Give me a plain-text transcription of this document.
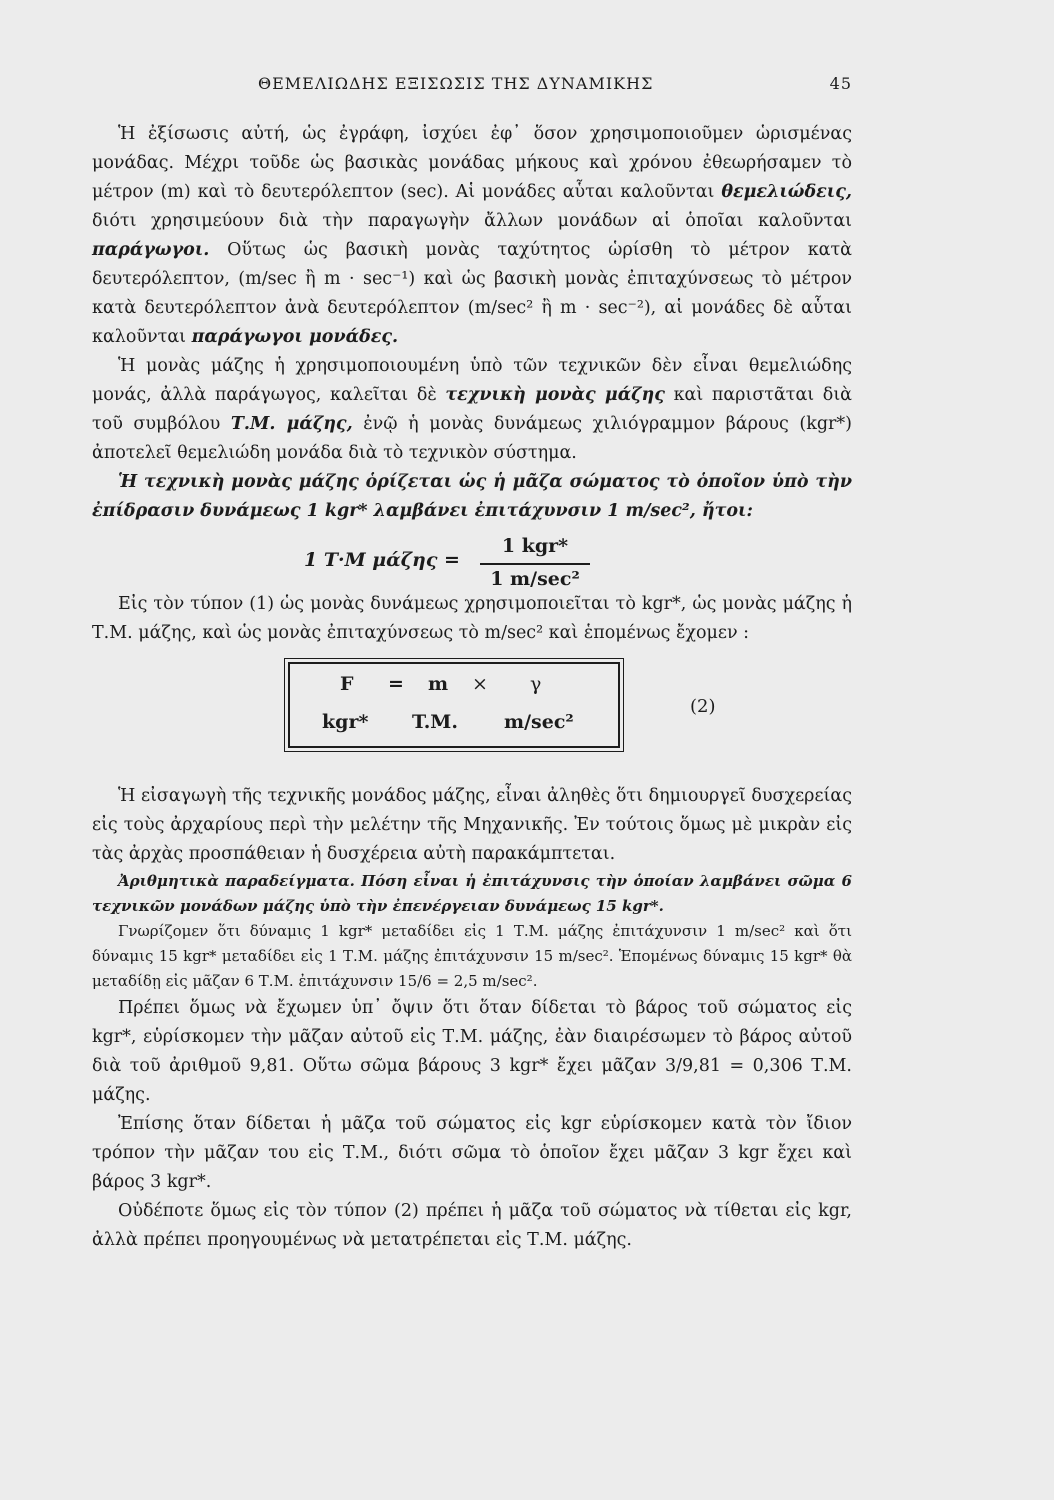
ΘΕΜΕΛΙΩΔΗΣ ΕΞΙΣΩΣΙΣ ΤΗΣ ΔΥΝΑΜΙΚΗΣ	45

Ἡ ἐξίσωσις αὐτή, ὡς ἐγράφη, ἰσχύει ἐφ᾿ ὅσον χρησιμοποιοῦμεν ὡρισμένας μονάδας. Μέχρι τοῦδε ὡς βασικὰς μονάδας μήκους καὶ χρόνου ἐθεωρήσαμεν τὸ μέτρον (m) καὶ τὸ δευτερόλεπτον (sec). Αἱ μονάδες αὗται καλοῦνται θεμελιώδεις, διότι χρησιμεύουν διὰ τὴν παραγωγὴν ἄλλων μονάδων αἱ ὁποῖαι καλοῦνται παράγωγοι. Οὕτως ὡς βασικὴ μονὰς ταχύτητος ὡρίσθη τὸ μέτρον κατὰ δευτερόλεπτον, (m/sec ἢ m · sec⁻¹) καὶ ὡς βασικὴ μονὰς ἐπιταχύνσεως τὸ μέτρον κατὰ δευτερόλεπτον ἀνὰ δευτερόλεπτον (m/sec² ἢ m · sec⁻²), αἱ μονάδες δὲ αὗται καλοῦνται παράγωγοι μονάδες.

Ἡ μονὰς μάζης ἡ χρησιμοποιουμένη ὑπὸ τῶν τεχνικῶν δὲν εἶναι θεμελιώδης μονάς, ἀλλὰ παράγωγος, καλεῖται δὲ τεχνικὴ μονὰς μάζης καὶ παριστᾶται διὰ τοῦ συμβόλου Τ.Μ. μάζης, ἐνῷ ἡ μονὰς δυνάμεως χιλιόγραμμον βάρους (kgr*) ἀποτελεῖ θεμελιώδη μονάδα διὰ τὸ τεχνικὸν σύστημα.

Ἡ τεχνικὴ μονὰς μάζης ὁρίζεται ὡς ἡ μᾶζα σώματος τὸ ὁποῖον ὑπὸ τὴν ἐπίδρασιν δυνάμεως 1 kgr* λαμβάνει ἐπιτάχυνσιν 1 m/sec², ἤτοι:

1 T·M μάζης =
1 kgr*
1 m/sec²

Εἰς τὸν τύπον (1) ὡς μονὰς δυνάμεως χρησιμοποιεῖται τὸ kgr*, ὡς μονὰς μάζης ἡ Τ.Μ. μάζης, καὶ ὡς μονὰς ἐπιταχύνσεως τὸ m/sec² καὶ ἑπομένως ἔχομεν :

F = m × γ
kgr* T.M. m/sec²
(2)

Ἡ εἰσαγωγὴ τῆς τεχνικῆς μονάδος μάζης, εἶναι ἀληθὲς ὅτι δημιουργεῖ δυσχερείας εἰς τοὺς ἀρχαρίους περὶ τὴν μελέτην τῆς Μηχανικῆς. Ἐν τούτοις ὅμως μὲ μικρὰν εἰς τὰς ἀρχὰς προσπάθειαν ἡ δυσχέρεια αὐτὴ παρακάμπτεται.

Ἀριθμητικὰ παραδείγματα. Πόση εἶναι ἡ ἐπιτάχυνσις τὴν ὁποίαν λαμβάνει σῶμα 6 τεχνικῶν μονάδων μάζης ὑπὸ τὴν ἐπενέργειαν δυνάμεως 15 kgr*.

Γνωρίζομεν ὅτι δύναμις 1 kgr* μεταδίδει εἰς 1 Τ.Μ. μάζης ἐπιτάχυνσιν 1 m/sec² καὶ ὅτι δύναμις 15 kgr* μεταδίδει εἰς 1 Τ.Μ. μάζης ἐπιτάχυνσιν 15 m/sec². Ἑπομένως δύναμις 15 kgr* θὰ μεταδίδῃ εἰς μᾶζαν 6 Τ.Μ. ἐπιτάχυνσιν 15/6 = 2,5 m/sec².

Πρέπει ὅμως νὰ ἔχωμεν ὑπ᾿ ὄψιν ὅτι ὅταν δίδεται τὸ βάρος τοῦ σώματος εἰς kgr*, εὑρίσκομεν τὴν μᾶζαν αὐτοῦ εἰς Τ.Μ. μάζης, ἐὰν διαιρέσωμεν τὸ βάρος αὐτοῦ διὰ τοῦ ἀριθμοῦ 9,81. Οὕτω σῶμα βάρους 3 kgr* ἔχει μᾶζαν 3/9,81 = 0,306 Τ.Μ. μάζης.

Ἐπίσης ὅταν δίδεται ἡ μᾶζα τοῦ σώματος εἰς kgr εὑρίσκομεν κατὰ τὸν ἴδιον τρόπον τὴν μᾶζαν του εἰς Τ.Μ., διότι σῶμα τὸ ὁποῖον ἔχει μᾶζαν 3 kgr ἔχει καὶ βάρος 3 kgr*.

Οὐδέποτε ὅμως εἰς τὸν τύπον (2) πρέπει ἡ μᾶζα τοῦ σώματος νὰ τίθεται εἰς kgr, ἀλλὰ πρέπει προηγουμένως νὰ μετατρέπεται εἰς Τ.Μ. μάζης.
